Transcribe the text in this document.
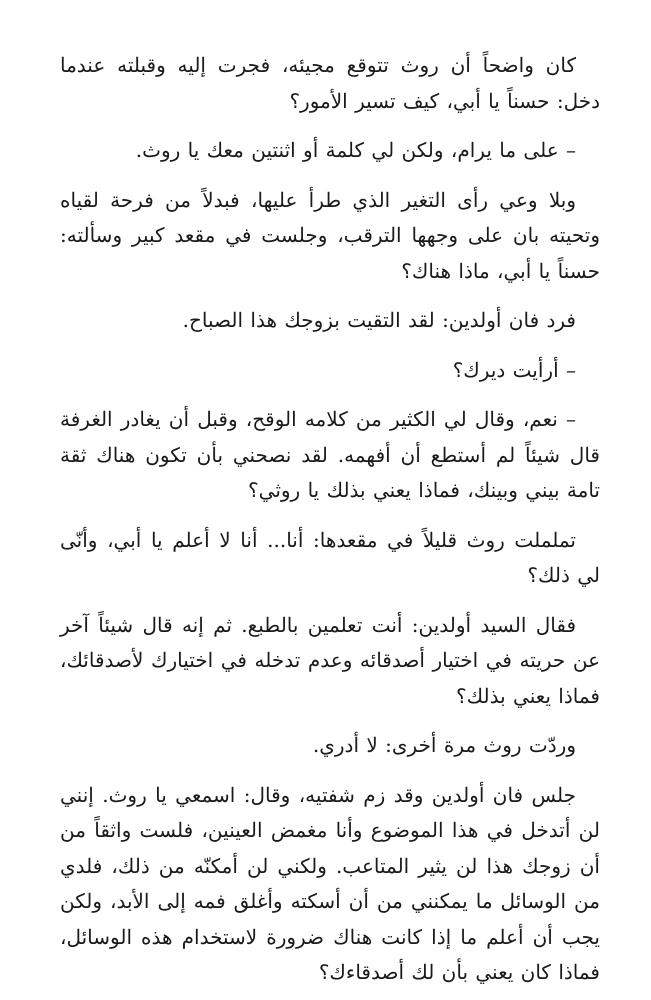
كان واضحاً أن روث تتوقع مجيئه، فجرت إليه وقبلته عندما دخل: حسناً يا أبي، كيف تسير الأمور؟

– على ما يرام، ولكن لي كلمة أو اثنتين معك يا روث.

وبلا وعي رأى التغير الذي طرأ عليها، فبدلاً من فرحة لقياه وتحيته بان على وجهها الترقب، وجلست في مقعد كبير وسألته: حسناً يا أبي، ماذا هناك؟

فرد فان أولدين: لقد التقيت بزوجك هذا الصباح.

– أرأيت ديرك؟

– نعم، وقال لي الكثير من كلامه الوقح، وقبل أن يغادر الغرفة قال شيئاً لم أستطع أن أفهمه. لقد نصحني بأن تكون هناك ثقة تامة بيني وبينك، فماذا يعني بذلك يا روثي؟

تململت روث قليلاً في مقعدها: أنا... أنا لا أعلم يا أبي، وأنّى لي ذلك؟

فقال السيد أولدين: أنت تعلمين بالطبع. ثم إنه قال شيئاً آخر عن حريته في اختيار أصدقائه وعدم تدخله في اختيارك لأصدقائك، فماذا يعني بذلك؟

وردّت روث مرة أخرى: لا أدري.

جلس فان أولدين وقد زم شفتيه، وقال: اسمعي يا روث. إنني لن أتدخل في هذا الموضوع وأنا مغمض العينين، فلست واثقاً من أن زوجك هذا لن يثير المتاعب. ولكني لن أمكنّه من ذلك، فلدي من الوسائل ما يمكنني من أن أسكته وأغلق فمه إلى الأبد، ولكن يجب أن أعلم ما إذا كانت هناك ضرورة لاستخدام هذه الوسائل، فماذا كان يعني بأن لك أصدقاءك؟
